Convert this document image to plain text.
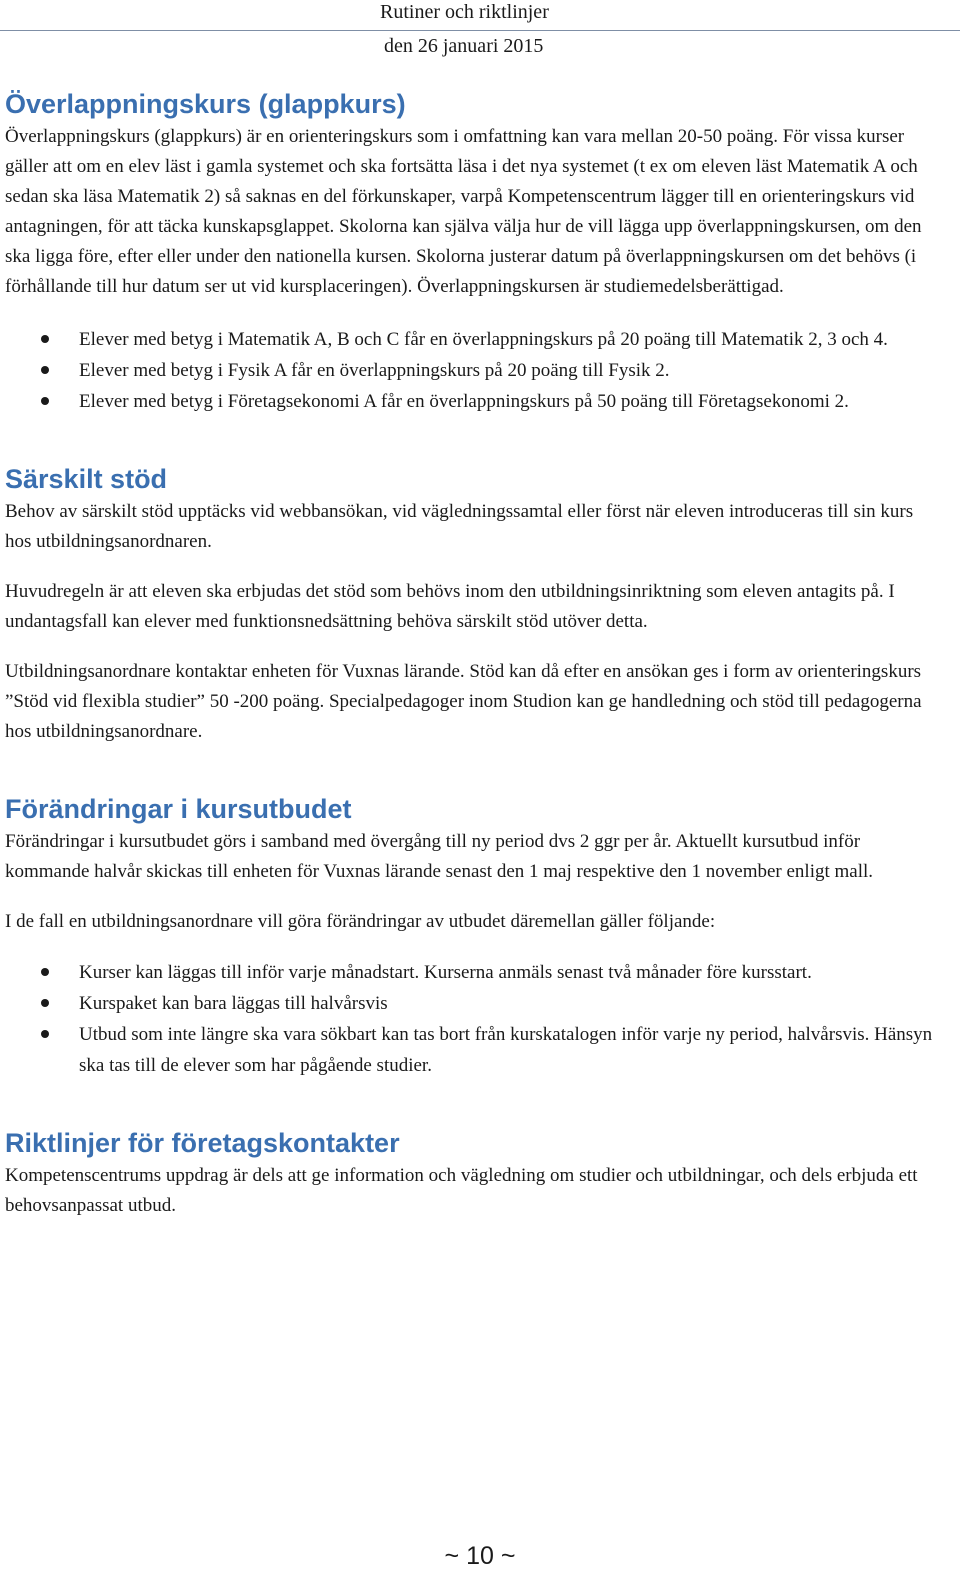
Rutiner och riktlinjer
den 26 januari 2015
Överlappningskurs (glappkurs)

Överlappningskurs (glappkurs) är en orienteringskurs som i omfattning kan vara mellan 20-50 poäng. För vissa kurser gäller att om en elev läst i gamla systemet och ska fortsätta läsa i det nya systemet (t ex om eleven läst Matematik A och sedan ska läsa Matematik 2) så saknas en del förkunskaper, varpå Kompetenscentrum lägger till en orienteringskurs vid antagningen, för att täcka kunskapsglappet. Skolorna kan själva välja hur de vill lägga upp överlappningskursen, om den ska ligga före, efter eller under den nationella kursen. Skolorna justerar datum på överlappningskursen om det behövs (i förhållande till hur datum ser ut vid kursplaceringen). Överlappningskursen är studiemedelsberättigad.

Elever med betyg i Matematik A, B och C får en överlappningskurs på 20 poäng till Matematik 2, 3 och 4.
Elever med betyg i Fysik A får en överlappningskurs på 20 poäng till Fysik 2.
Elever med betyg i Företagsekonomi A får en överlappningskurs på 50 poäng till Företagsekonomi 2.
Särskilt stöd

Behov av särskilt stöd upptäcks vid webbansökan, vid vägledningssamtal eller först när eleven introduceras till sin kurs hos utbildningsanordnaren.

Huvudregeln är att eleven ska erbjudas det stöd som behövs inom den utbildningsinriktning som eleven antagits på. I undantagsfall kan elever med funktionsnedsättning behöva särskilt stöd utöver detta.

Utbildningsanordnare kontaktar enheten för Vuxnas lärande. Stöd kan då efter en ansökan ges i form av orienteringskurs ”Stöd vid flexibla studier” 50 -200 poäng. Specialpedagoger inom Studion kan ge handledning och stöd till pedagogerna hos utbildningsanordnare.

Förändringar i kursutbudet

Förändringar i kursutbudet görs i samband med övergång till ny period dvs 2 ggr per år. Aktuellt kursutbud inför kommande halvår skickas till enheten för Vuxnas lärande senast den 1 maj respektive den 1 november enligt mall.

I de fall en utbildningsanordnare vill göra förändringar av utbudet däremellan gäller följande:

Kurser kan läggas till inför varje månadstart. Kurserna anmäls senast två månader före kursstart.
Kurspaket kan bara läggas till halvårsvis
Utbud som inte längre ska vara sökbart kan tas bort från kurskatalogen inför varje ny period, halvårsvis. Hänsyn ska tas till de elever som har pågående studier.
Riktlinjer för företagskontakter

Kompetenscentrums uppdrag är dels att ge information och vägledning om studier och utbildningar, och dels erbjuda ett behovsanpassat utbud.

~ 10 ~
